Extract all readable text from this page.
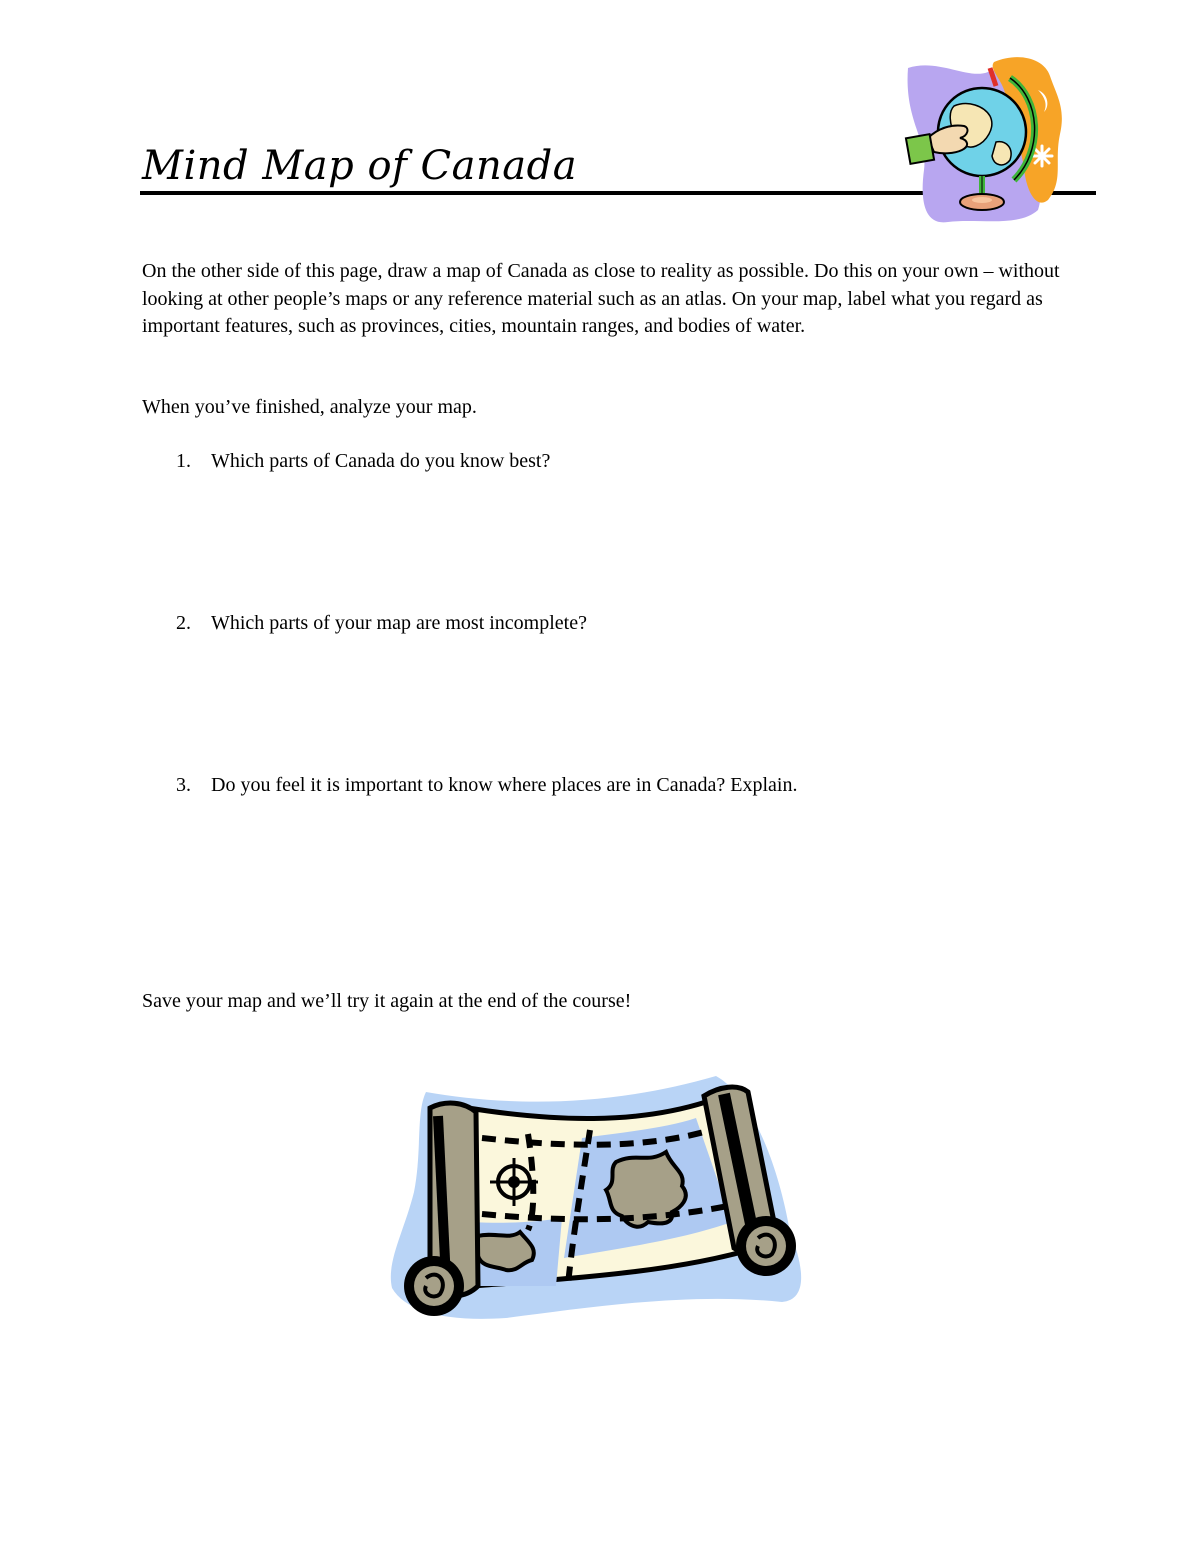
Mind Map of Canada

On the other side of this page, draw a map of Canada as close to reality as possible. Do this on your own – without looking at other people’s maps or any reference material such as an atlas. On your map, label what you regard as important features, such as provinces, cities, mountain ranges, and bodies of water.

When you’ve finished, analyze your map.

1. Which parts of Canada do you know best?

2. Which parts of your map are most incomplete?

3. Do you feel it is important to know where places are in Canada? Explain.

Save your map and we’ll try it again at the end of the course!
